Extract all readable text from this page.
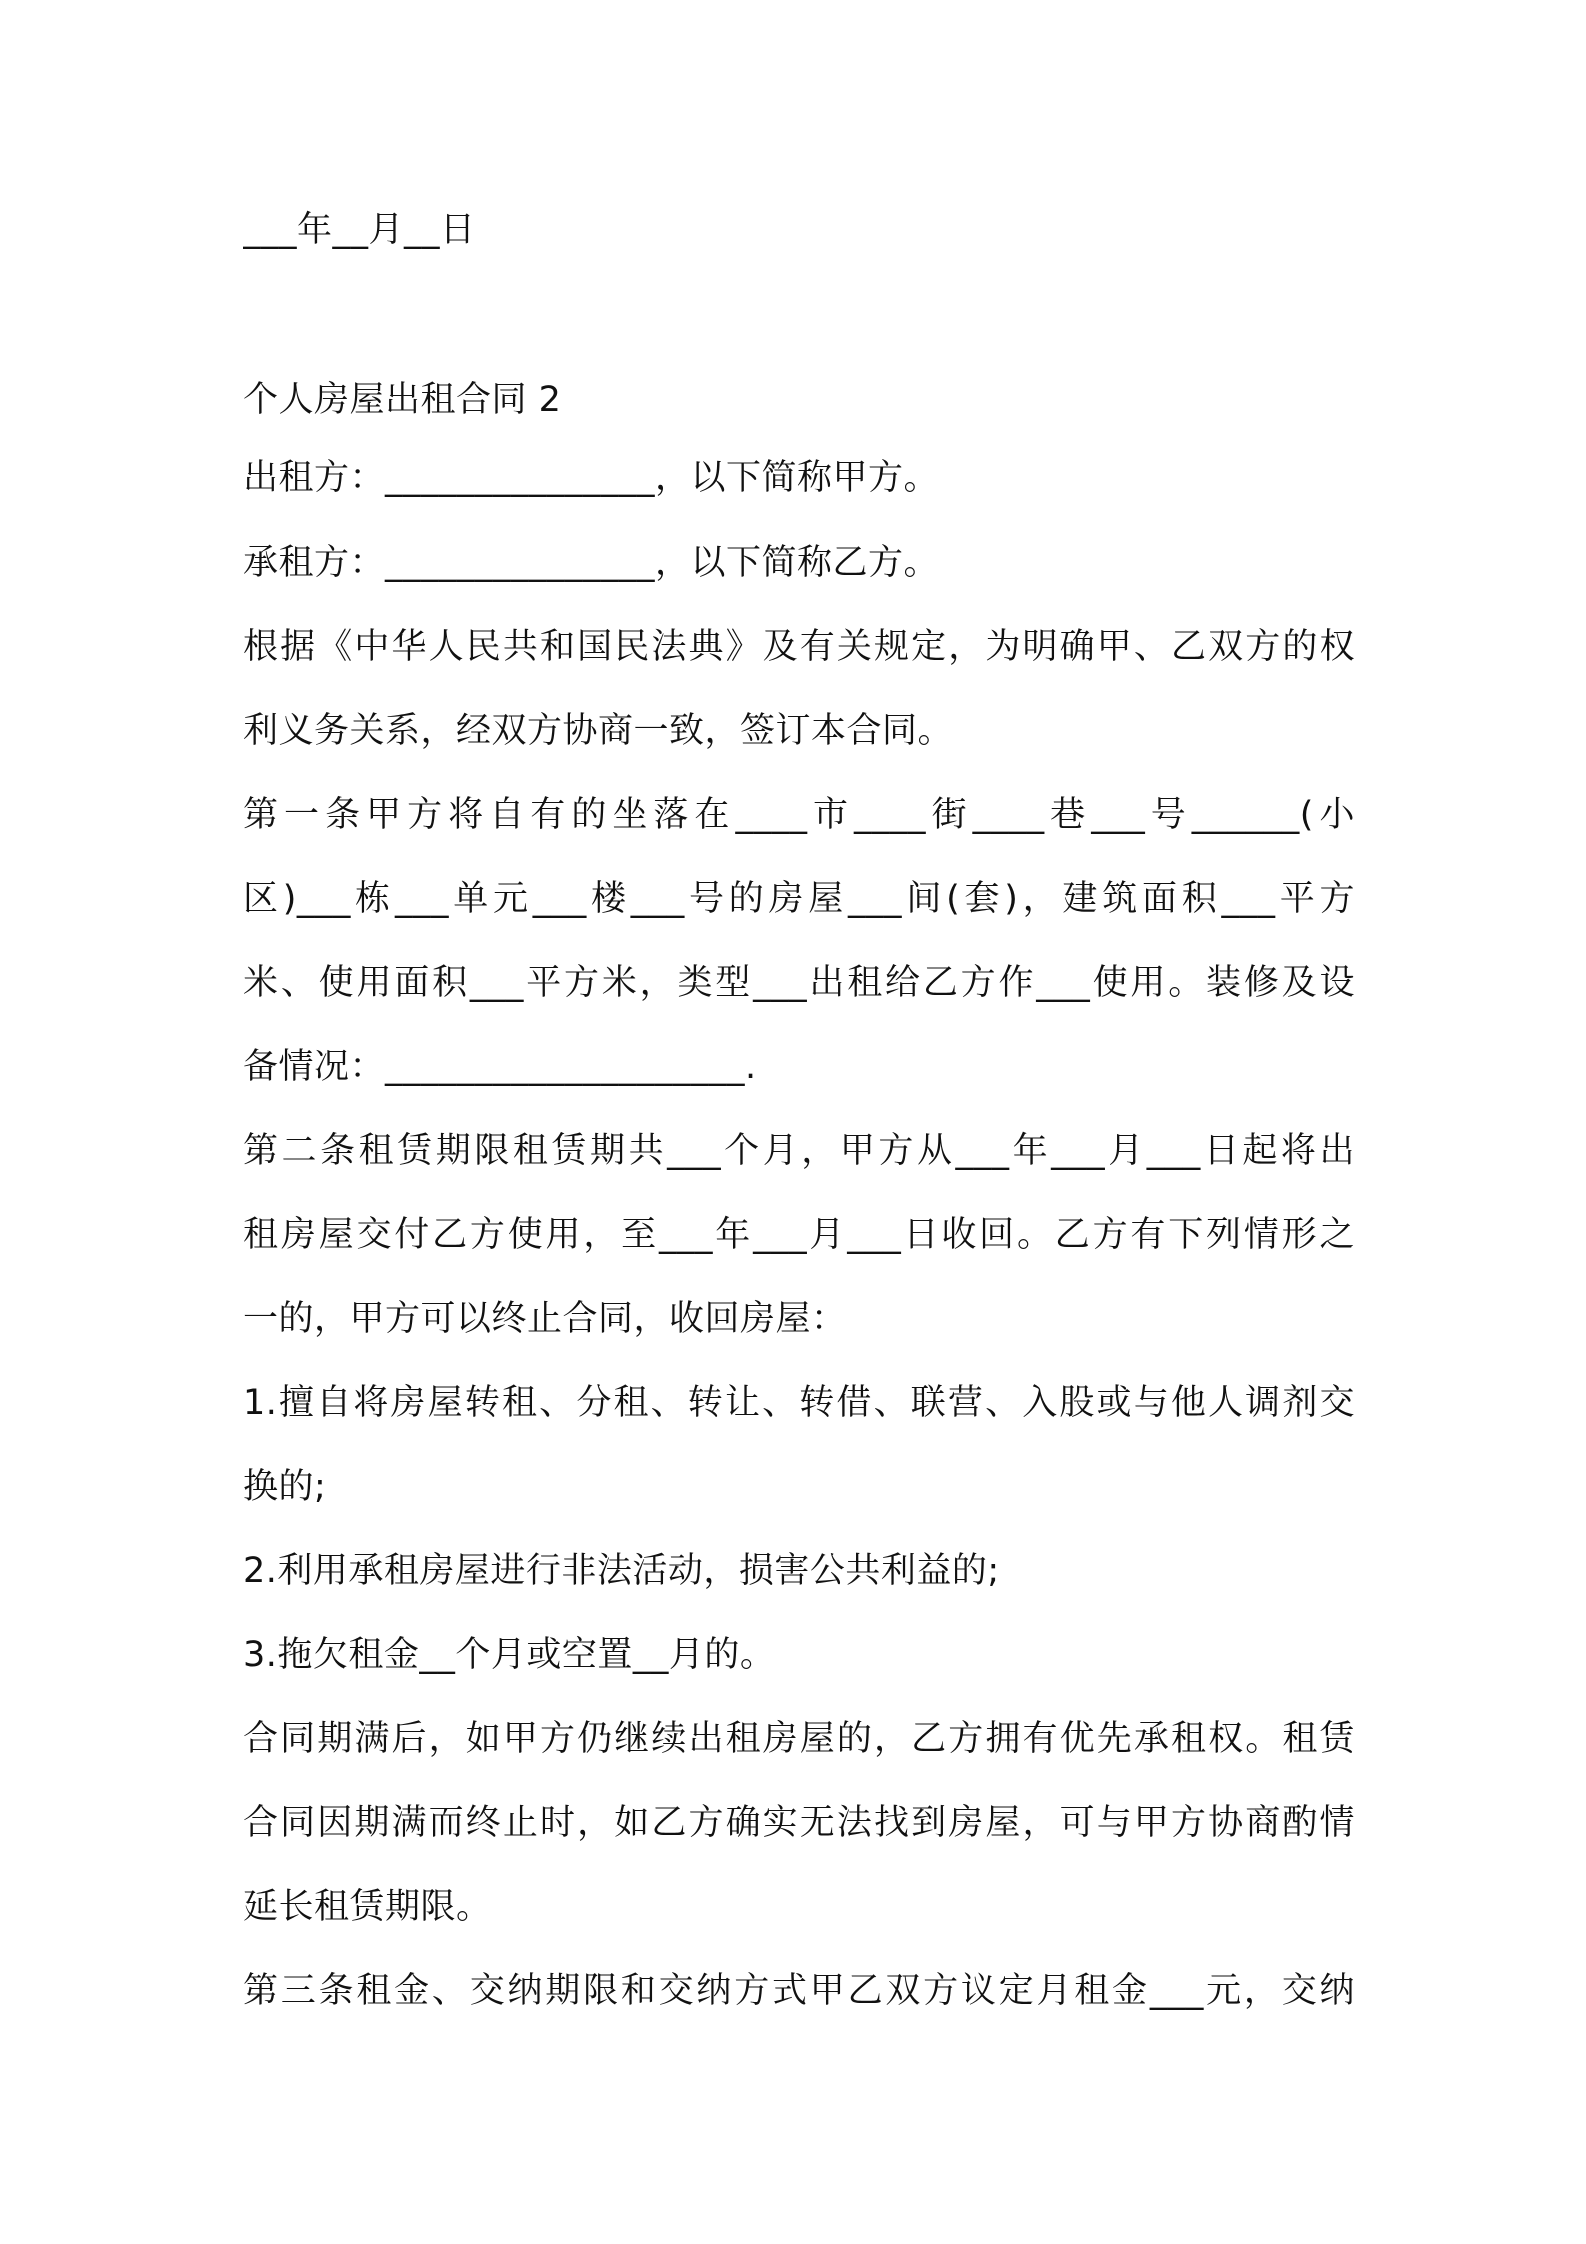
___年__月__日
个人房屋出租合同 2
出租方：_______________，以下简称甲方。
承租方：_______________，以下简称乙方。
根据《中华人民共和国民法典》及有关规定，为明确甲、乙双方的权
利义务关系，经双方协商一致，签订本合同。
第一条甲方将自有的坐落在____市____街____巷___号______(小
区)___栋___单元___楼___号的房屋___间(套)，建筑面积___平方
米、使用面积___平方米，类型___出租给乙方作___使用。装修及设
备情况：____________________.
第二条租赁期限租赁期共___个月，甲方从___年___月___日起将出
租房屋交付乙方使用，至___年___月___日收回。乙方有下列情形之
一的，甲方可以终止合同，收回房屋：
1.擅自将房屋转租、分租、转让、转借、联营、入股或与他人调剂交
换的;
2.利用承租房屋进行非法活动，损害公共利益的;
3.拖欠租金__个月或空置__月的。
合同期满后，如甲方仍继续出租房屋的，乙方拥有优先承租权。租赁
合同因期满而终止时，如乙方确实无法找到房屋，可与甲方协商酌情
延长租赁期限。
第三条租金、交纳期限和交纳方式甲乙双方议定月租金___元，交纳
